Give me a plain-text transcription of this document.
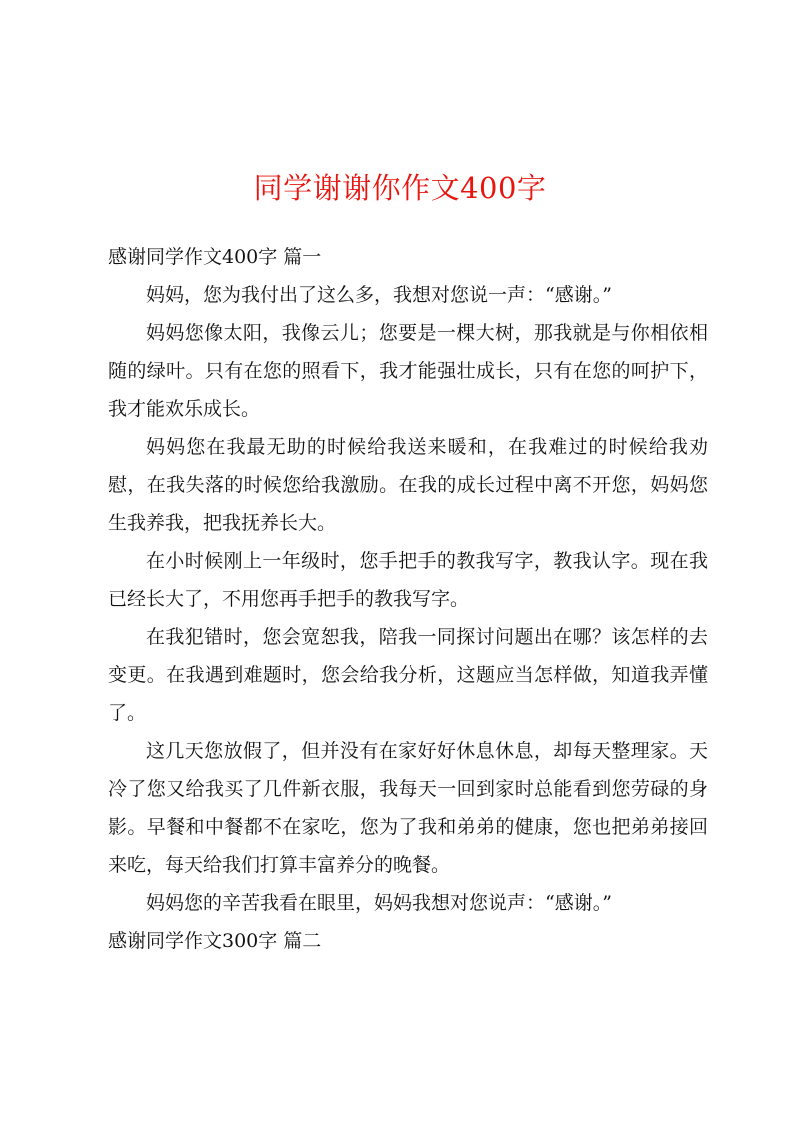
同学谢谢你作文400字

感谢同学作文400字 篇一

妈妈，您为我付出了这么多，我想对您说一声：“感谢。”

妈妈您像太阳，我像云儿；您要是一棵大树，那我就是与你相依相随的绿叶。只有在您的照看下，我才能强壮成长，只有在您的呵护下，我才能欢乐成长。

妈妈您在我最无助的时候给我送来暖和，在我难过的时候给我劝慰，在我失落的时候您给我激励。在我的成长过程中离不开您，妈妈您生我养我，把我抚养长大。

在小时候刚上一年级时，您手把手的教我写字，教我认字。现在我已经长大了，不用您再手把手的教我写字。

在我犯错时，您会宽恕我，陪我一同探讨问题出在哪？该怎样的去变更。在我遇到难题时，您会给我分析，这题应当怎样做，知道我弄懂了。

这几天您放假了，但并没有在家好好休息休息，却每天整理家。天冷了您又给我买了几件新衣服，我每天一回到家时总能看到您劳碌的身影。早餐和中餐都不在家吃，您为了我和弟弟的健康，您也把弟弟接回来吃，每天给我们打算丰富养分的晚餐。

妈妈您的辛苦我看在眼里，妈妈我想对您说声：“感谢。”

感谢同学作文300字 篇二
